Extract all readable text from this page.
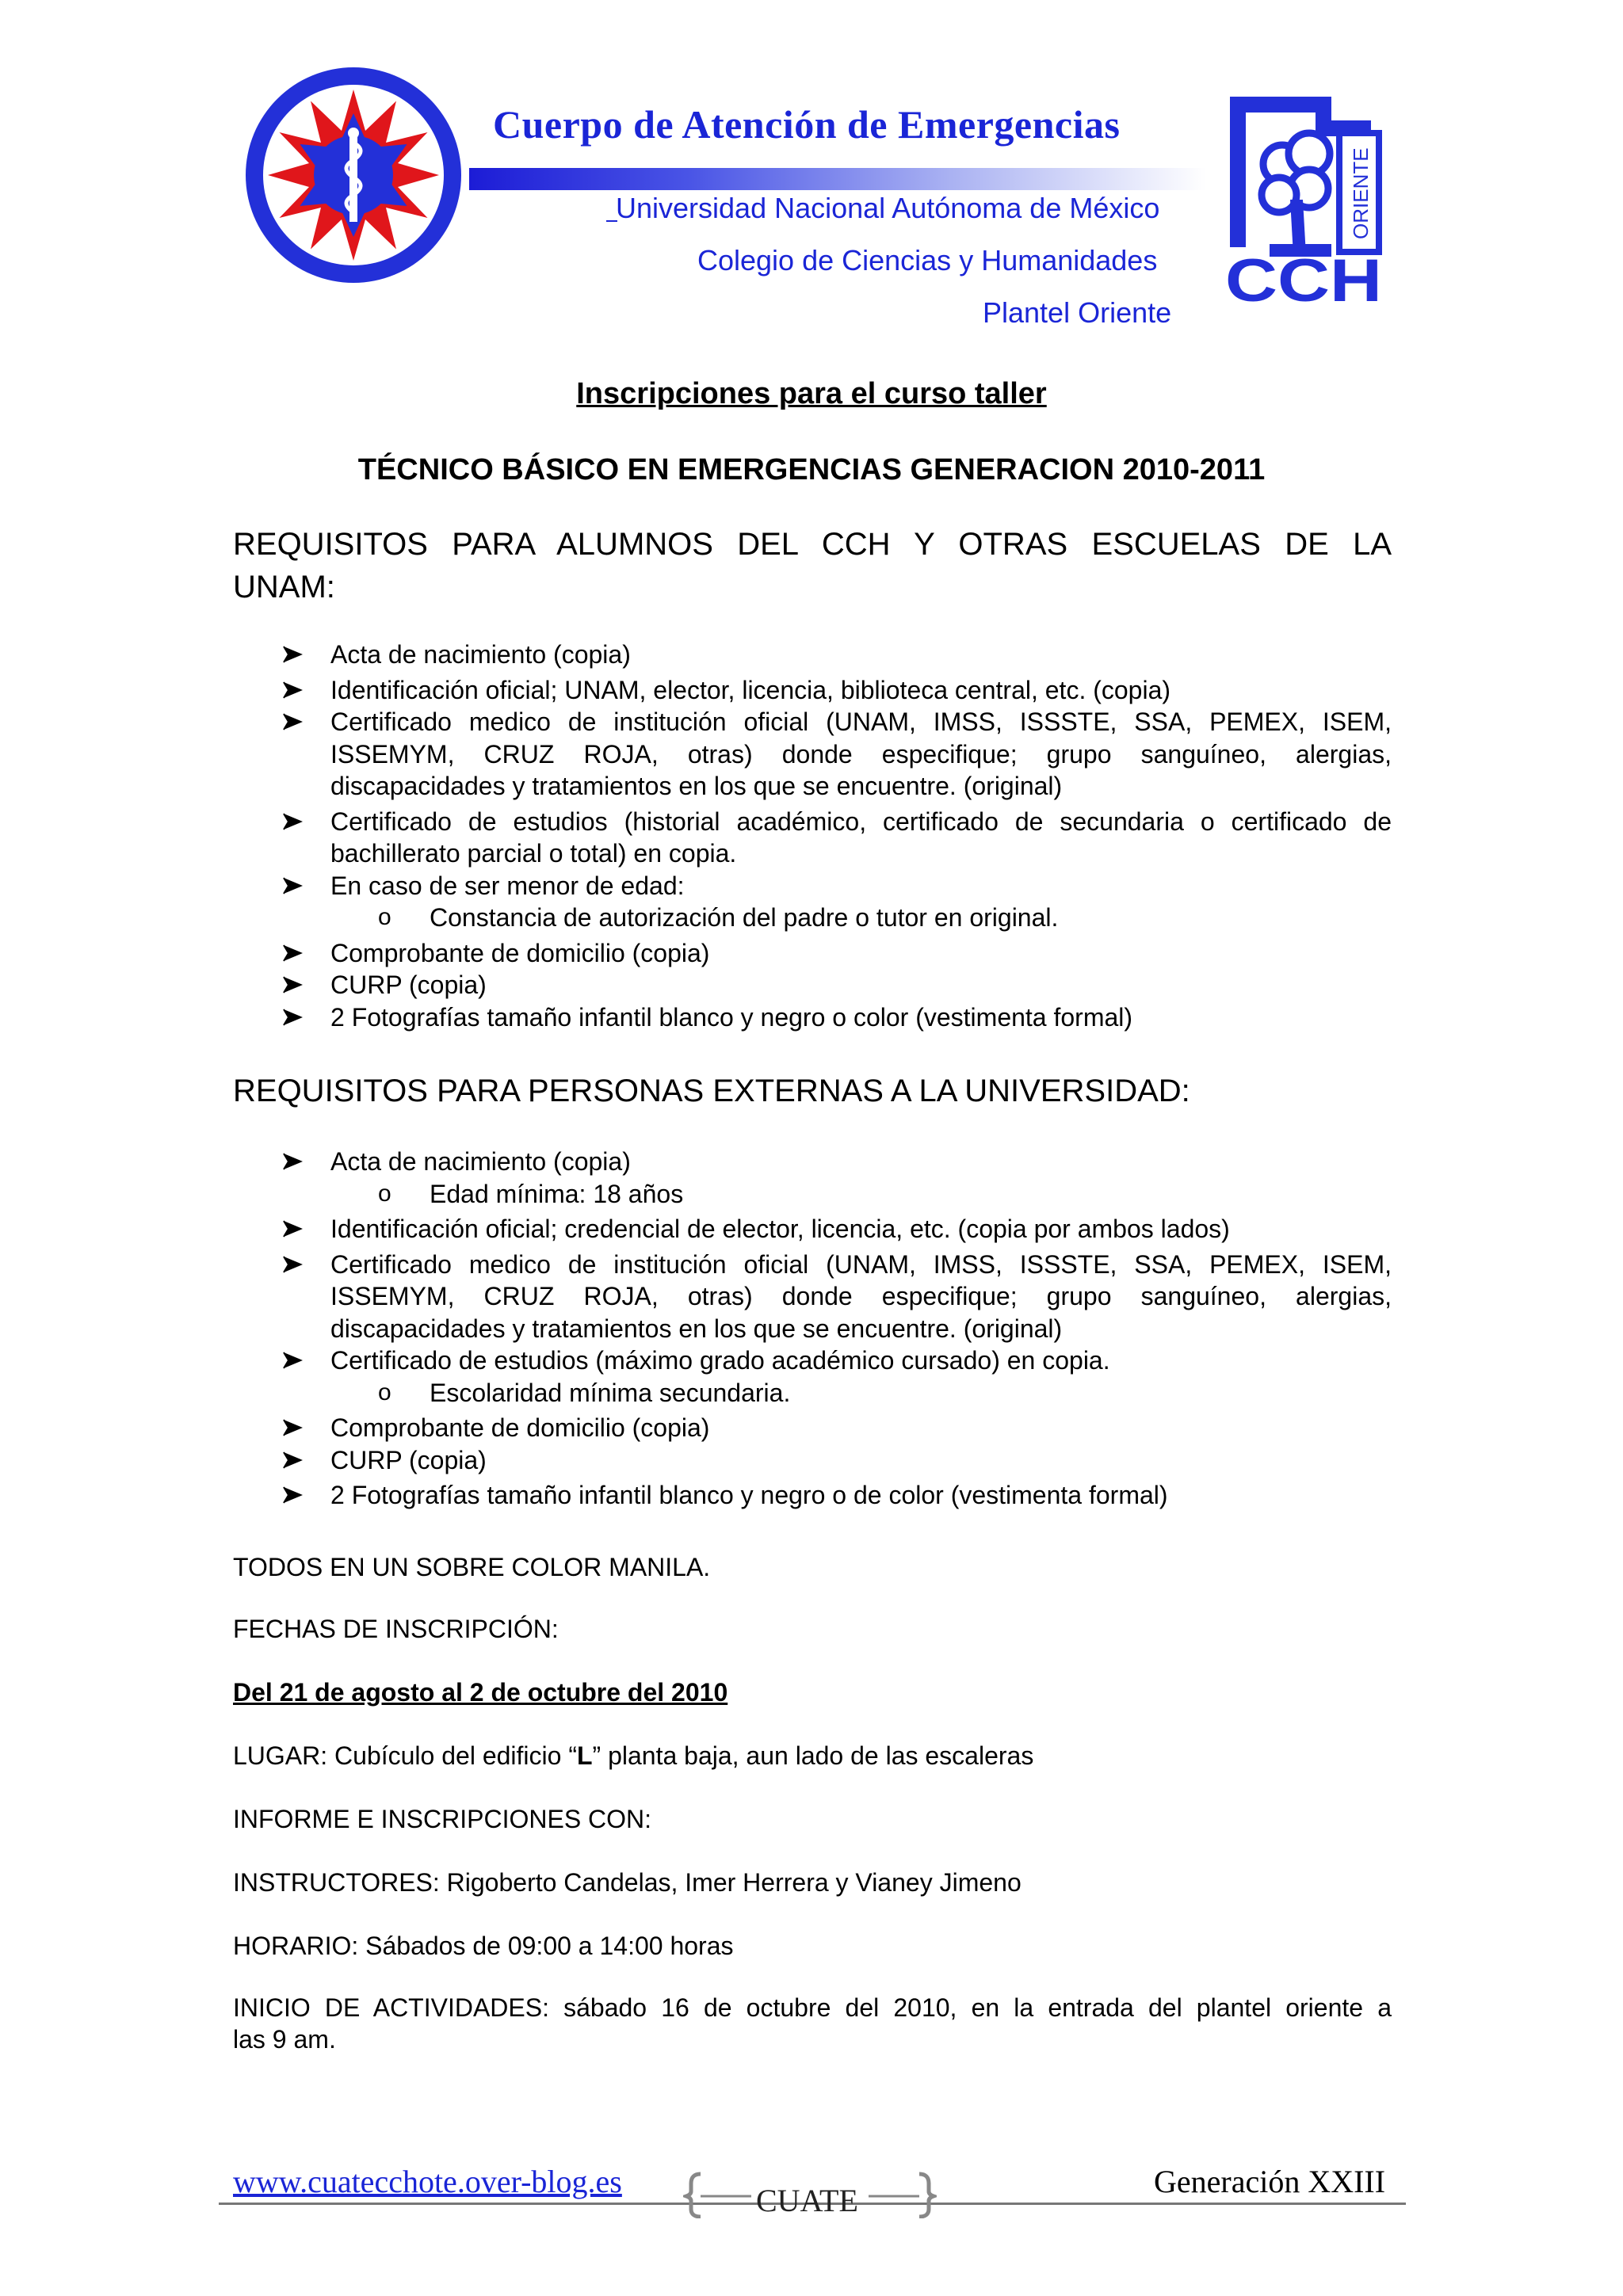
Cuerpo de Atención de Emergencias
Universidad Nacional Autónoma de México
Colegio de Ciencias y Humanidades
Plantel Oriente
ORIENTE
CCH
Inscripciones para el curso taller
TÉCNICO BÁSICO EN EMERGENCIAS GENERACION 2010-2011
REQUISITOS PARA ALUMNOS DEL CCH Y OTRAS ESCUELAS DE LA
UNAM:
Acta de nacimiento (copia)
Identificación oficial; UNAM, elector, licencia, biblioteca central, etc. (copia)
Certificado medico de institución oficial (UNAM, IMSS, ISSSTE, SSA, PEMEX, ISEM, ISSEMYM, CRUZ ROJA, otras) donde especifique; grupo sanguíneo, alergias, discapacidades y tratamientos en los que se encuentre. (original)
Certificado de estudios (historial académico, certificado de secundaria o certificado de bachillerato parcial o total) en copia.
En caso de ser menor de edad:
o Constancia de autorización del padre o tutor en original.
Comprobante de domicilio (copia)
CURP (copia)
2 Fotografías tamaño infantil blanco y negro o color (vestimenta formal)
REQUISITOS PARA PERSONAS EXTERNAS A LA UNIVERSIDAD:
Acta de nacimiento (copia)
o Edad mínima: 18 años
Identificación oficial; credencial de elector, licencia, etc. (copia por ambos lados)
Certificado medico de institución oficial (UNAM, IMSS, ISSSTE, SSA, PEMEX, ISEM, ISSEMYM, CRUZ ROJA, otras) donde especifique; grupo sanguíneo, alergias, discapacidades y tratamientos en los que se encuentre. (original)
Certificado de estudios (máximo grado académico cursado) en copia.
o Escolaridad mínima secundaria.
Comprobante de domicilio (copia)
CURP (copia)
2 Fotografías tamaño infantil blanco y negro o de color (vestimenta formal)
TODOS EN UN SOBRE COLOR MANILA.
FECHAS DE INSCRIPCIÓN:
Del 21 de agosto al 2 de octubre del 2010
LUGAR: Cubículo del edificio “L” planta baja, aun lado de las escaleras
INFORME E INSCRIPCIONES CON:
INSTRUCTORES: Rigoberto Candelas, Imer Herrera y Vianey Jimeno
HORARIO: Sábados de 09:00 a 14:00 horas
INICIO DE ACTIVIDADES: sábado 16 de octubre del 2010, en la entrada del plantel oriente a
las 9 am.
www.cuatecchote.over-blog.es
CUATE
Generación XXIII
